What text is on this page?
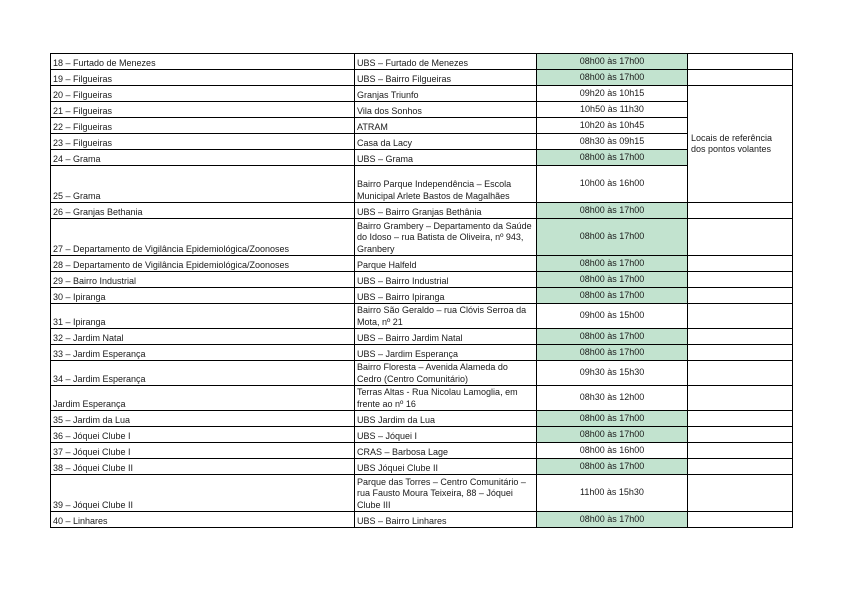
18 – Furtado de Menezes	UBS – Furtado de Menezes	08h00 às 17h00	
19 – Filgueiras	UBS – Bairro Filgueiras	08h00 às 17h00	
20 – Filgueiras	Granjas Triunfo	09h20 às 10h15	Locais de referência dos pontos volantes
21 – Filgueiras	Vila dos Sonhos	10h50 às 11h30	
22 – Filgueiras	ATRAM	10h20 às 10h45	
23 – Filgueiras	Casa da Lacy	08h30 às 09h15	
24 – Grama	UBS – Grama	08h00 às 17h00	
25 – Grama	Bairro Parque Independência – Escola Municipal Arlete Bastos de Magalhães	10h00 às 16h00	
26 – Granjas Bethania	UBS – Bairro Granjas Bethânia	08h00 às 17h00	
27 – Departamento de Vigilância Epidemiológica/Zoonoses	Bairro Grambery – Departamento da Saúde do Idoso – rua Batista de Oliveira, nº 943, Granbery	08h00 às 17h00	
28 – Departamento de Vigilância Epidemiológica/Zoonoses	Parque Halfeld	08h00 às 17h00	
29 – Bairro Industrial	UBS – Bairro Industrial	08h00 às 17h00	
30 – Ipiranga	UBS – Bairro Ipiranga	08h00 às 17h00	
31 – Ipiranga	Bairro São Geraldo – rua Clóvis Serroa da Mota, nº 21	09h00 às 15h00	
32 – Jardim Natal	UBS – Bairro Jardim Natal	08h00 às 17h00	
33 – Jardim Esperança	UBS – Jardim Esperança	08h00 às 17h00	
34 – Jardim Esperança	Bairro Floresta – Avenida Alameda do Cedro (Centro Comunitário)	09h30 às 15h30	
Jardim Esperança	Terras Altas - Rua Nicolau Lamoglia, em frente ao nº 16	08h30 às 12h00	
35 – Jardim da Lua	UBS Jardim da Lua	08h00 às 17h00	
36 – Jóquei Clube I	UBS – Jóquei I	08h00 às 17h00	
37 – Jóquei Clube I	CRAS – Barbosa Lage	08h00 às 16h00	
38 – Jóquei Clube II	UBS Jóquei Clube II	08h00 às 17h00	
39 – Jóquei Clube II	Parque das Torres – Centro Comunitário – rua Fausto Moura Teixeira, 88 – Jóquei Clube III	11h00 às 15h30	
40 – Linhares	UBS – Bairro Linhares	08h00 às 17h00	
